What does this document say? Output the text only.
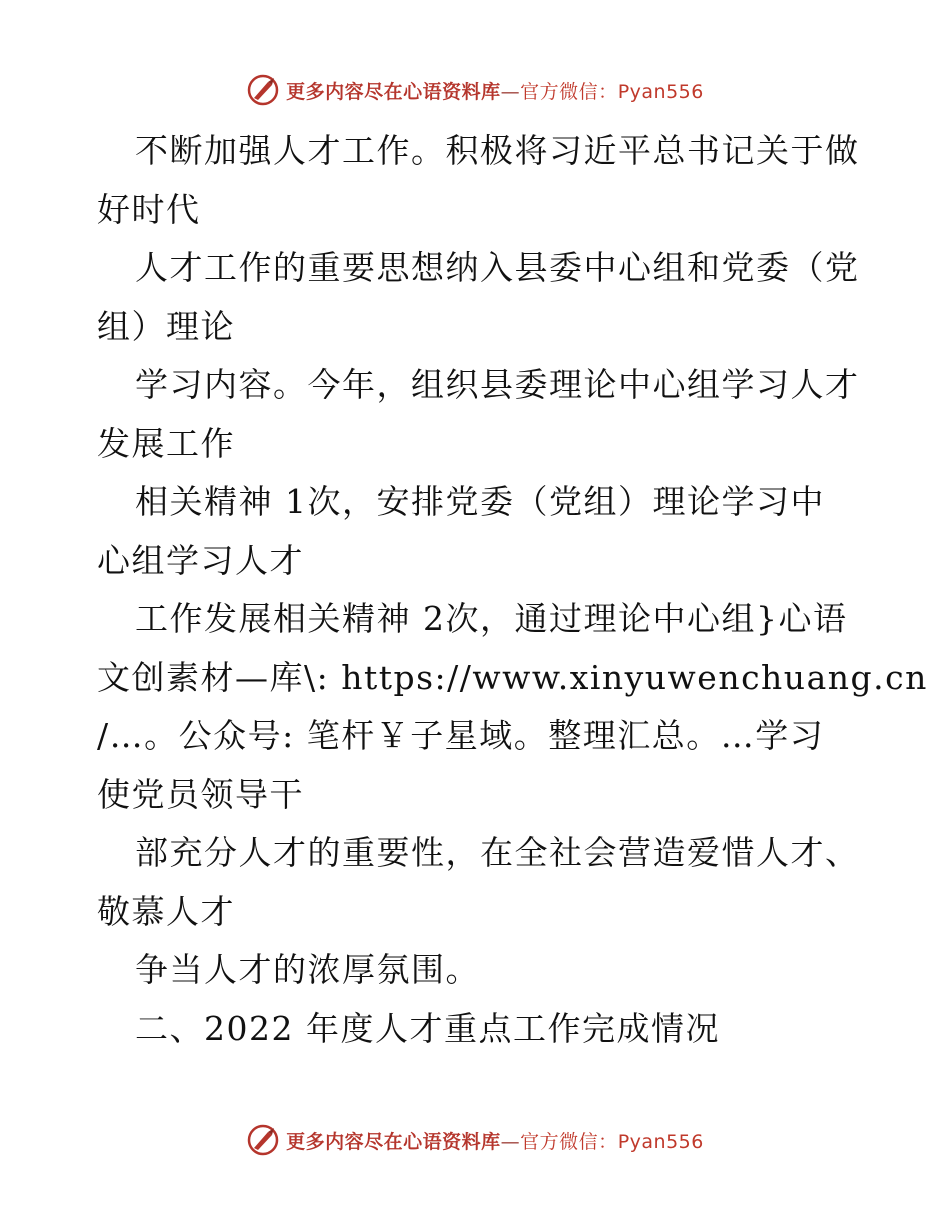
更多内容尽在心语资料库—官方微信：Pyan556
不断加强人才工作。积极将习近平总书记关于做
好时代
人才工作的重要思想纳入县委中心组和党委（党
组）理论
学习内容。今年，组织县委理论中心组学习人才
发展工作
相关精神 1次，安排党委（党组）理论学习中
心组学习人才
工作发展相关精神 2次，通过理论中心组}心语
文创素材—库\: https://www.xinyuwenchuang.cn
/…。公众号: 笔杆￥子星域。整理汇总。…学习
使党员领导干
部充分人才的重要性，在全社会营造爱惜人才、
敬慕人才
争当人才的浓厚氛围。
二、2022 年度人才重点工作完成情况
更多内容尽在心语资料库—官方微信：Pyan556
